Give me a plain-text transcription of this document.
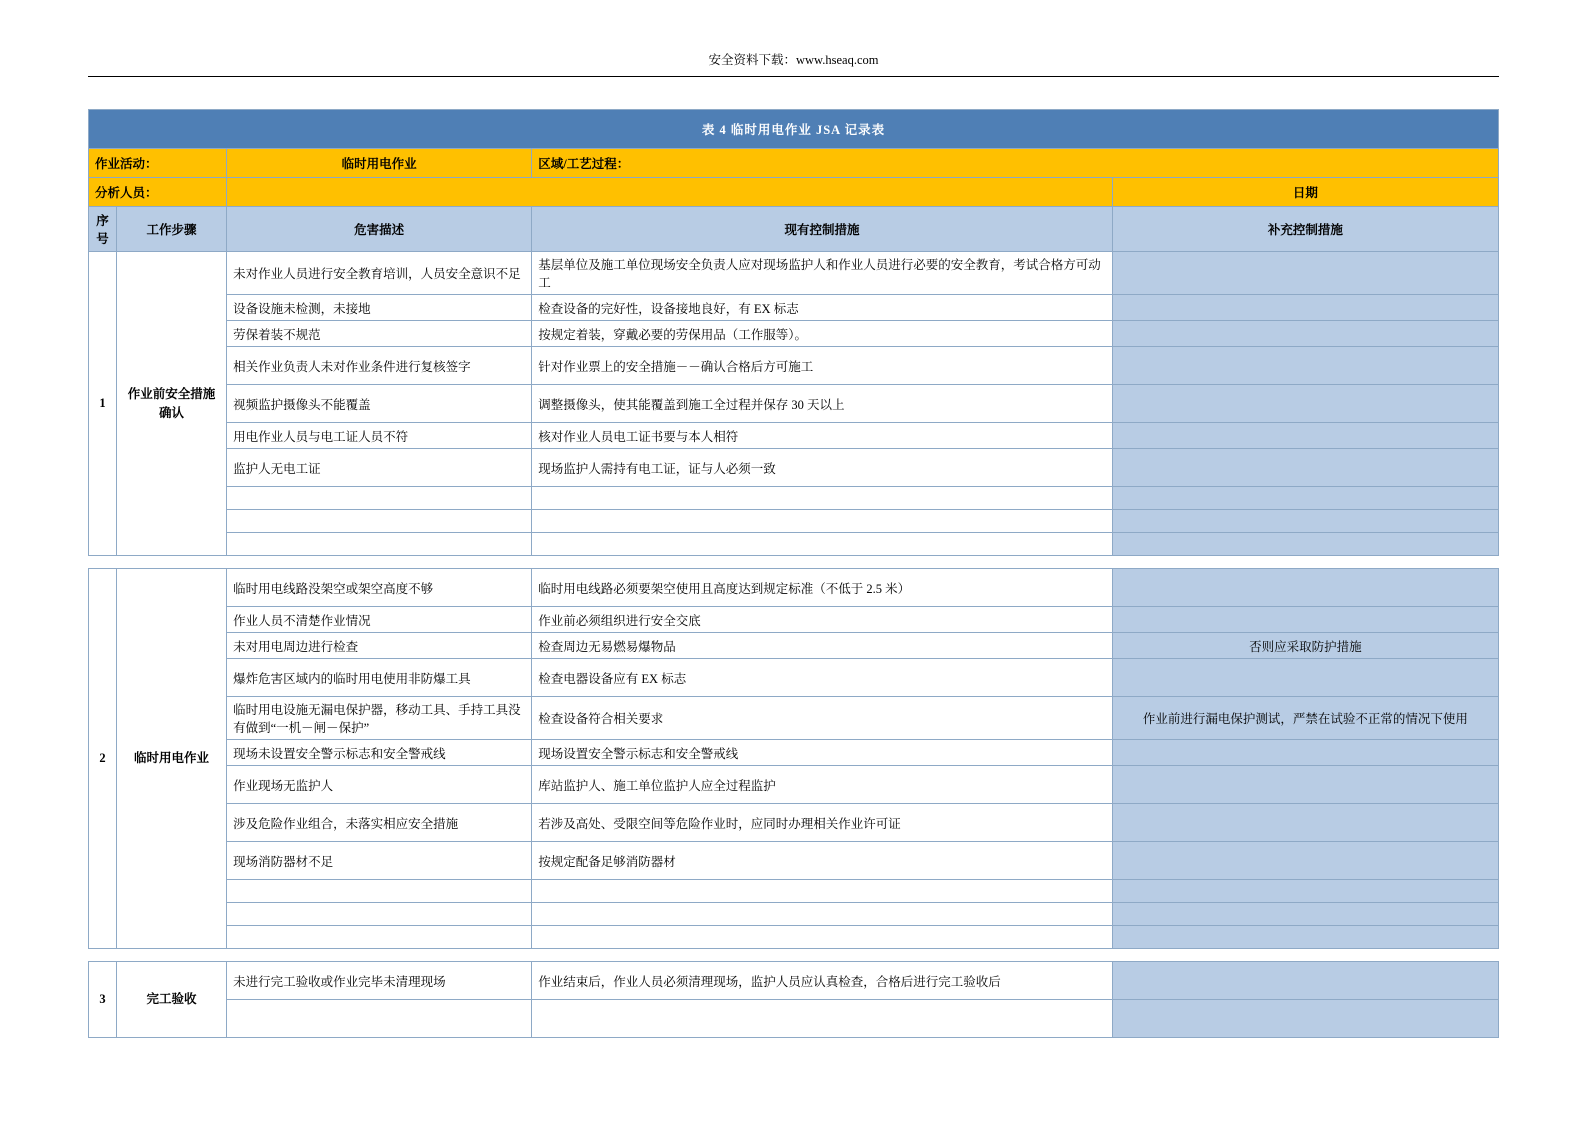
安全资料下载：www.hseaq.com
表 4 临时用电作业 JSA 记录表				
作业活动：		临时用电作业	区域/工艺过程：	
分析人员：				日期
序号	工作步骤	危害描述	现有控制措施	补充控制措施
1	作业前安全措施确认	未对作业人员进行安全教育培训，人员安全意识不足	基层单位及施工单位现场安全负责人应对现场监护人和作业人员进行必要的安全教育，考试合格方可动工	
		设备设施未检测，未接地	检查设备的完好性，设备接地良好，有 EX 标志	
		劳保着装不规范	按规定着装，穿戴必要的劳保用品（工作服等）。	
		相关作业负责人未对作业条件进行复核签字	针对作业票上的安全措施－－确认合格后方可施工	
		视频监护摄像头不能覆盖	调整摄像头，使其能覆盖到施工全过程并保存 30 天以上	
		用电作业人员与电工证人员不符	核对作业人员电工证书要与本人相符	
		监护人无电工证	现场监护人需持有电工证，证与人必须一致	

2	临时用电作业	临时用电线路没架空或架空高度不够	临时用电线路必须要架空使用且高度达到规定标准（不低于 2.5 米）	
		作业人员不清楚作业情况	作业前必须组织进行安全交底	
		未对用电周边进行检查	检查周边无易燃易爆物品	否则应采取防护措施
		爆炸危害区域内的临时用电使用非防爆工具	检查电器设备应有 EX 标志	
		临时用电设施无漏电保护器，移动工具、手持工具没有做到“一机－闸－保护”	检查设备符合相关要求	作业前进行漏电保护测试，严禁在试验不正常的情况下使用
		现场未设置安全警示标志和安全警戒线	现场设置安全警示标志和安全警戒线	
		作业现场无监护人	库站监护人、施工单位监护人应全过程监护	
		涉及危险作业组合，未落实相应安全措施	若涉及高处、受限空间等危险作业时，应同时办理相关作业许可证	
		现场消防器材不足	按规定配备足够消防器材	

3	完工验收	未进行完工验收或作业完毕未清理现场	作业结束后，作业人员必须清理现场，监护人员应认真检查，合格后进行完工验收后	
